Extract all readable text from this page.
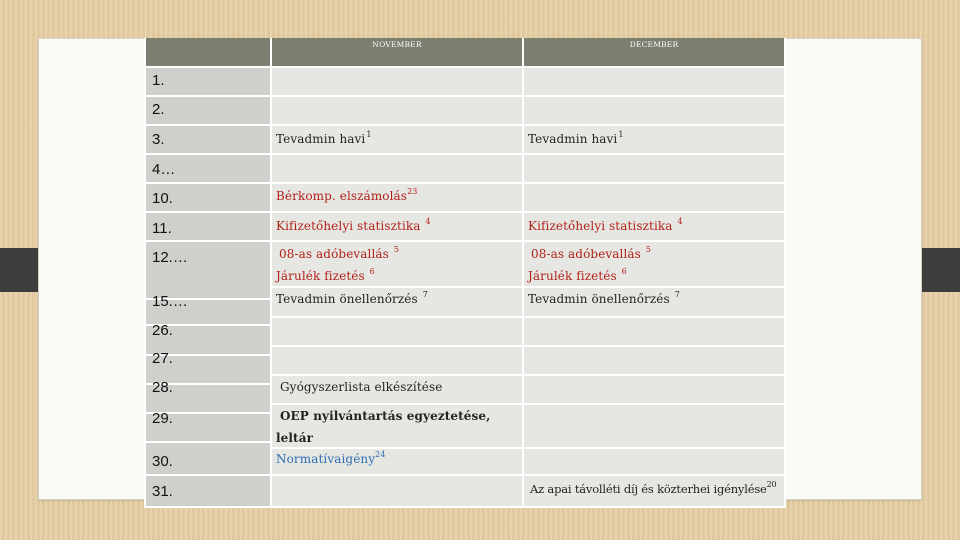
NOVEMBER	DECEMBER
1.
2.
3.
4…
10.
11.
12.…
15.…
26.
27.
28.
29.
30.
31.
Tevadmin havi$^1$
Bérkomp. elszámolás$^{23}$
Kifizetőhelyi statisztika $^4$
08-as adóbevallás $^5$
Járulék fizetés $^6$
Tevadmin önellenőrzés $^7$
Gyógyszerlista elkészítése
OEP nyilvántartás egyeztetése,
leltár
Normatívaigény$^{24}$
Tevadmin havi$^1$
Kifizetőhelyi statisztika $^4$
08-as adóbevallás $^5$
Járulék fizetés $^6$
Tevadmin önellenőrzés $^7$
Az apai távolléti díj és közterhei igénylése$^{20}$
